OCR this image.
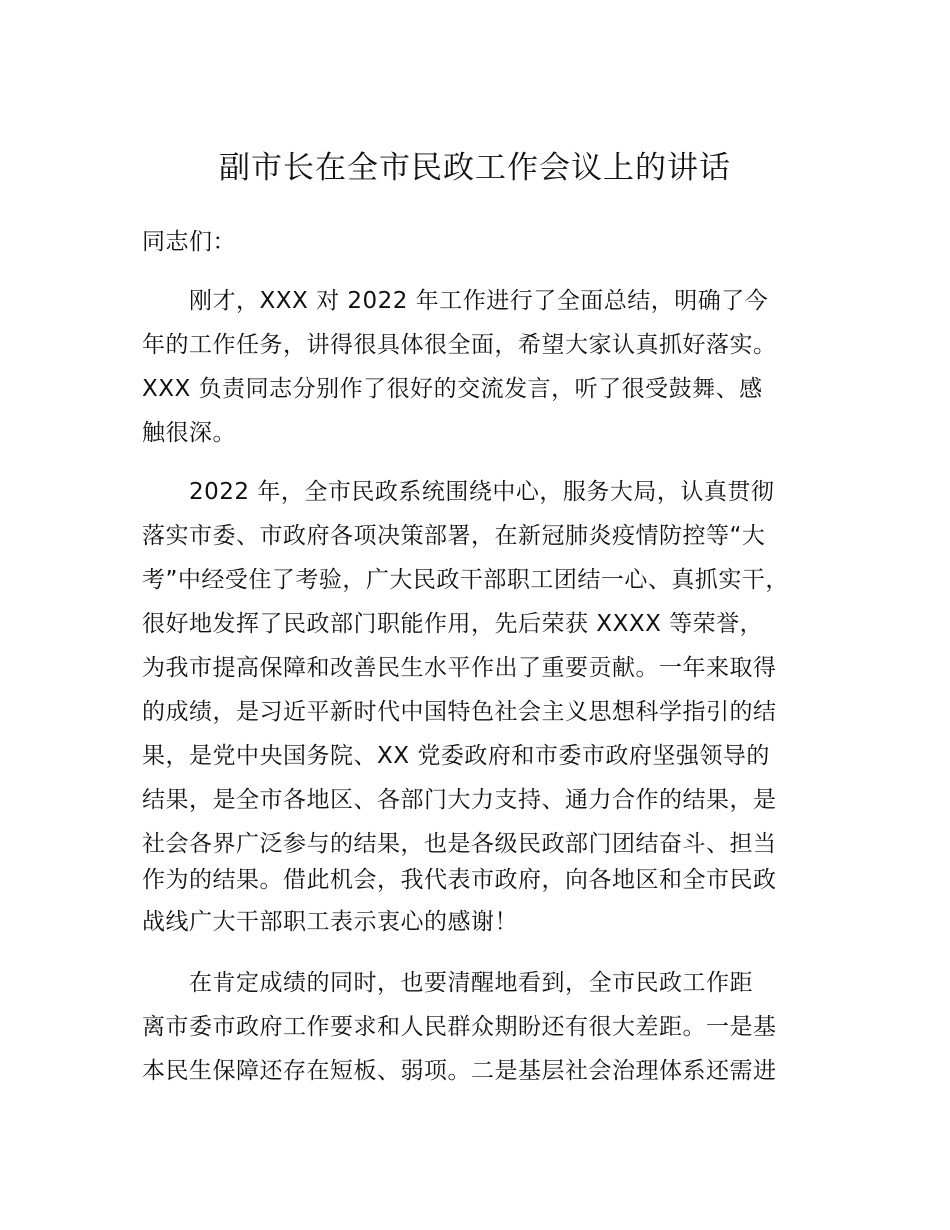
副市长在全市民政工作会议上的讲话
同志们：
刚才，XXX 对 2022 年工作进行了全面总结，明确了今
年的工作任务，讲得很具体很全面，希望大家认真抓好落实。
XXX 负责同志分别作了很好的交流发言，听了很受鼓舞、感
触很深。
2022 年，全市民政系统围绕中心，服务大局，认真贯彻
落实市委、市政府各项决策部署，在新冠肺炎疫情防控等“大
考”中经受住了考验，广大民政干部职工团结一心、真抓实干，
很好地发挥了民政部门职能作用，先后荣获 XXXX 等荣誉，
为我市提高保障和改善民生水平作出了重要贡献。一年来取得
的成绩，是习近平新时代中国特色社会主义思想科学指引的结
果，是党中央国务院、XX 党委政府和市委市政府坚强领导的
结果，是全市各地区、各部门大力支持、通力合作的结果，是
社会各界广泛参与的结果，也是各级民政部门团结奋斗、担当
作为的结果。借此机会，我代表市政府，向各地区和全市民政
战线广大干部职工表示衷心的感谢！
在肯定成绩的同时，也要清醒地看到，全市民政工作距
离市委市政府工作要求和人民群众期盼还有很大差距。一是基
本民生保障还存在短板、弱项。二是基层社会治理体系还需进
